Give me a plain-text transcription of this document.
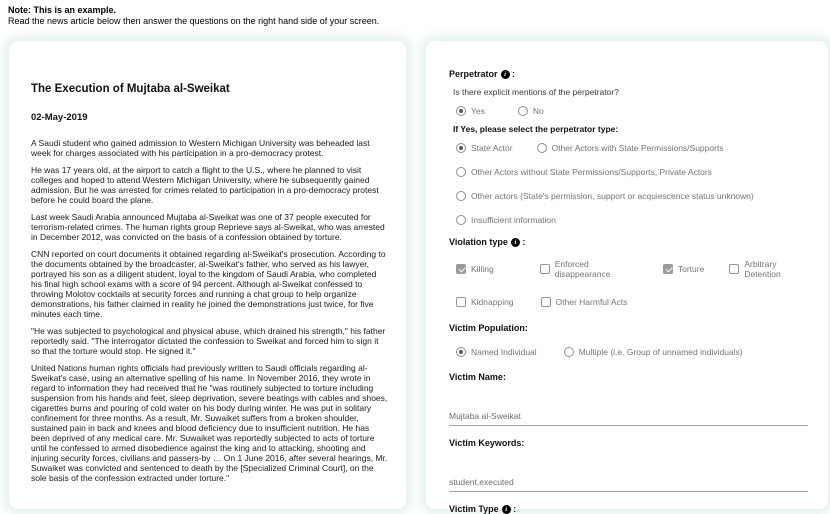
Note: This is an example.
Read the news article below then answer the questions on the right hand side of your screen.
The Execution of Mujtaba al-Sweikat
02-May-2019

A Saudi student who gained admission to Western Michigan University was beheaded last week for charges associated with his participation in a pro-democracy protest.

He was 17 years old, at the airport to catch a flight to the U.S., where he planned to visit colleges and hoped to attend Western Michigan University, where he subsequently gained admission. But he was arrested for crimes related to participation in a pro-democracy protest before he could board the plane.

Last week Saudi Arabia announced Mujtaba al-Sweikat was one of 37 people executed for terrorism-related crimes. The human rights group Reprieve says al-Sweikat, who was arrested in December 2012, was convicted on the basis of a confession obtained by torture.

CNN reported on court documents it obtained regarding al-Sweikat's prosecution. According to the documents obtained by the broadcaster, al-Sweikat's father, who served as his lawyer, portrayed his son as a diligent student, loyal to the kingdom of Saudi Arabia, who completed his final high school exams with a score of 94 percent. Although al-Sweikat confessed to throwing Molotov cocktails at security forces and running a chat group to help organize demonstrations, his father claimed in reality he joined the demonstrations just twice, for five minutes each time.

"He was subjected to psychological and physical abuse, which drained his strength," his father reportedly said. "The interrogator dictated the confession to Sweikat and forced him to sign it so that the torture would stop. He signed it."

United Nations human rights officials had previously written to Saudi officials regarding al-Sweikat's case, using an alternative spelling of his name. In November 2016, they wrote in regard to information they had received that he "was routinely subjected to torture including suspension from his hands and feet, sleep deprivation, severe beatings with cables and shoes, cigarettes burns and pouring of cold water on his body during winter. He was put in solitary confinement for three months. As a result, Mr. Suwaiket suffers from a broken shoulder, sustained pain in back and knees and blood deficiency due to insufficient nutrition. He has been deprived of any medical care. Mr. Suwaiket was reportedly subjected to acts of torture until he confessed to armed disobedience against the king and to attacking, shooting and injuring security forces, civilians and passers-by … On 1 June 2016, after several hearings, Mr. Suwaiket was convicted and sentenced to death by the [Specialized Criminal Court], on the sole basis of the confession extracted under torture."

Perpetrator	i
:
Is there explicit mentions of the perpetrator?
Yes	No
If Yes, please select the perpetrator type:
State Actor	Other Actors with State Permissions/Supports
Other Actors without State Permissions/Supports, Private Actors
Other actors (State's permission, support or acquiescence status unknown)
Insufficient information
Violation type	i
:
Killing	Enforced disappearance	Torture	Arbitrary Detention
Kidnapping	Other Harmful Acts
Victim Population:
Named Individual	Multiple (i.e. Group of unnamed individuals)
Victim Name:
Mujtaba al-Sweikat
Victim Keywords:
student,executed
Victim Type	i
:
